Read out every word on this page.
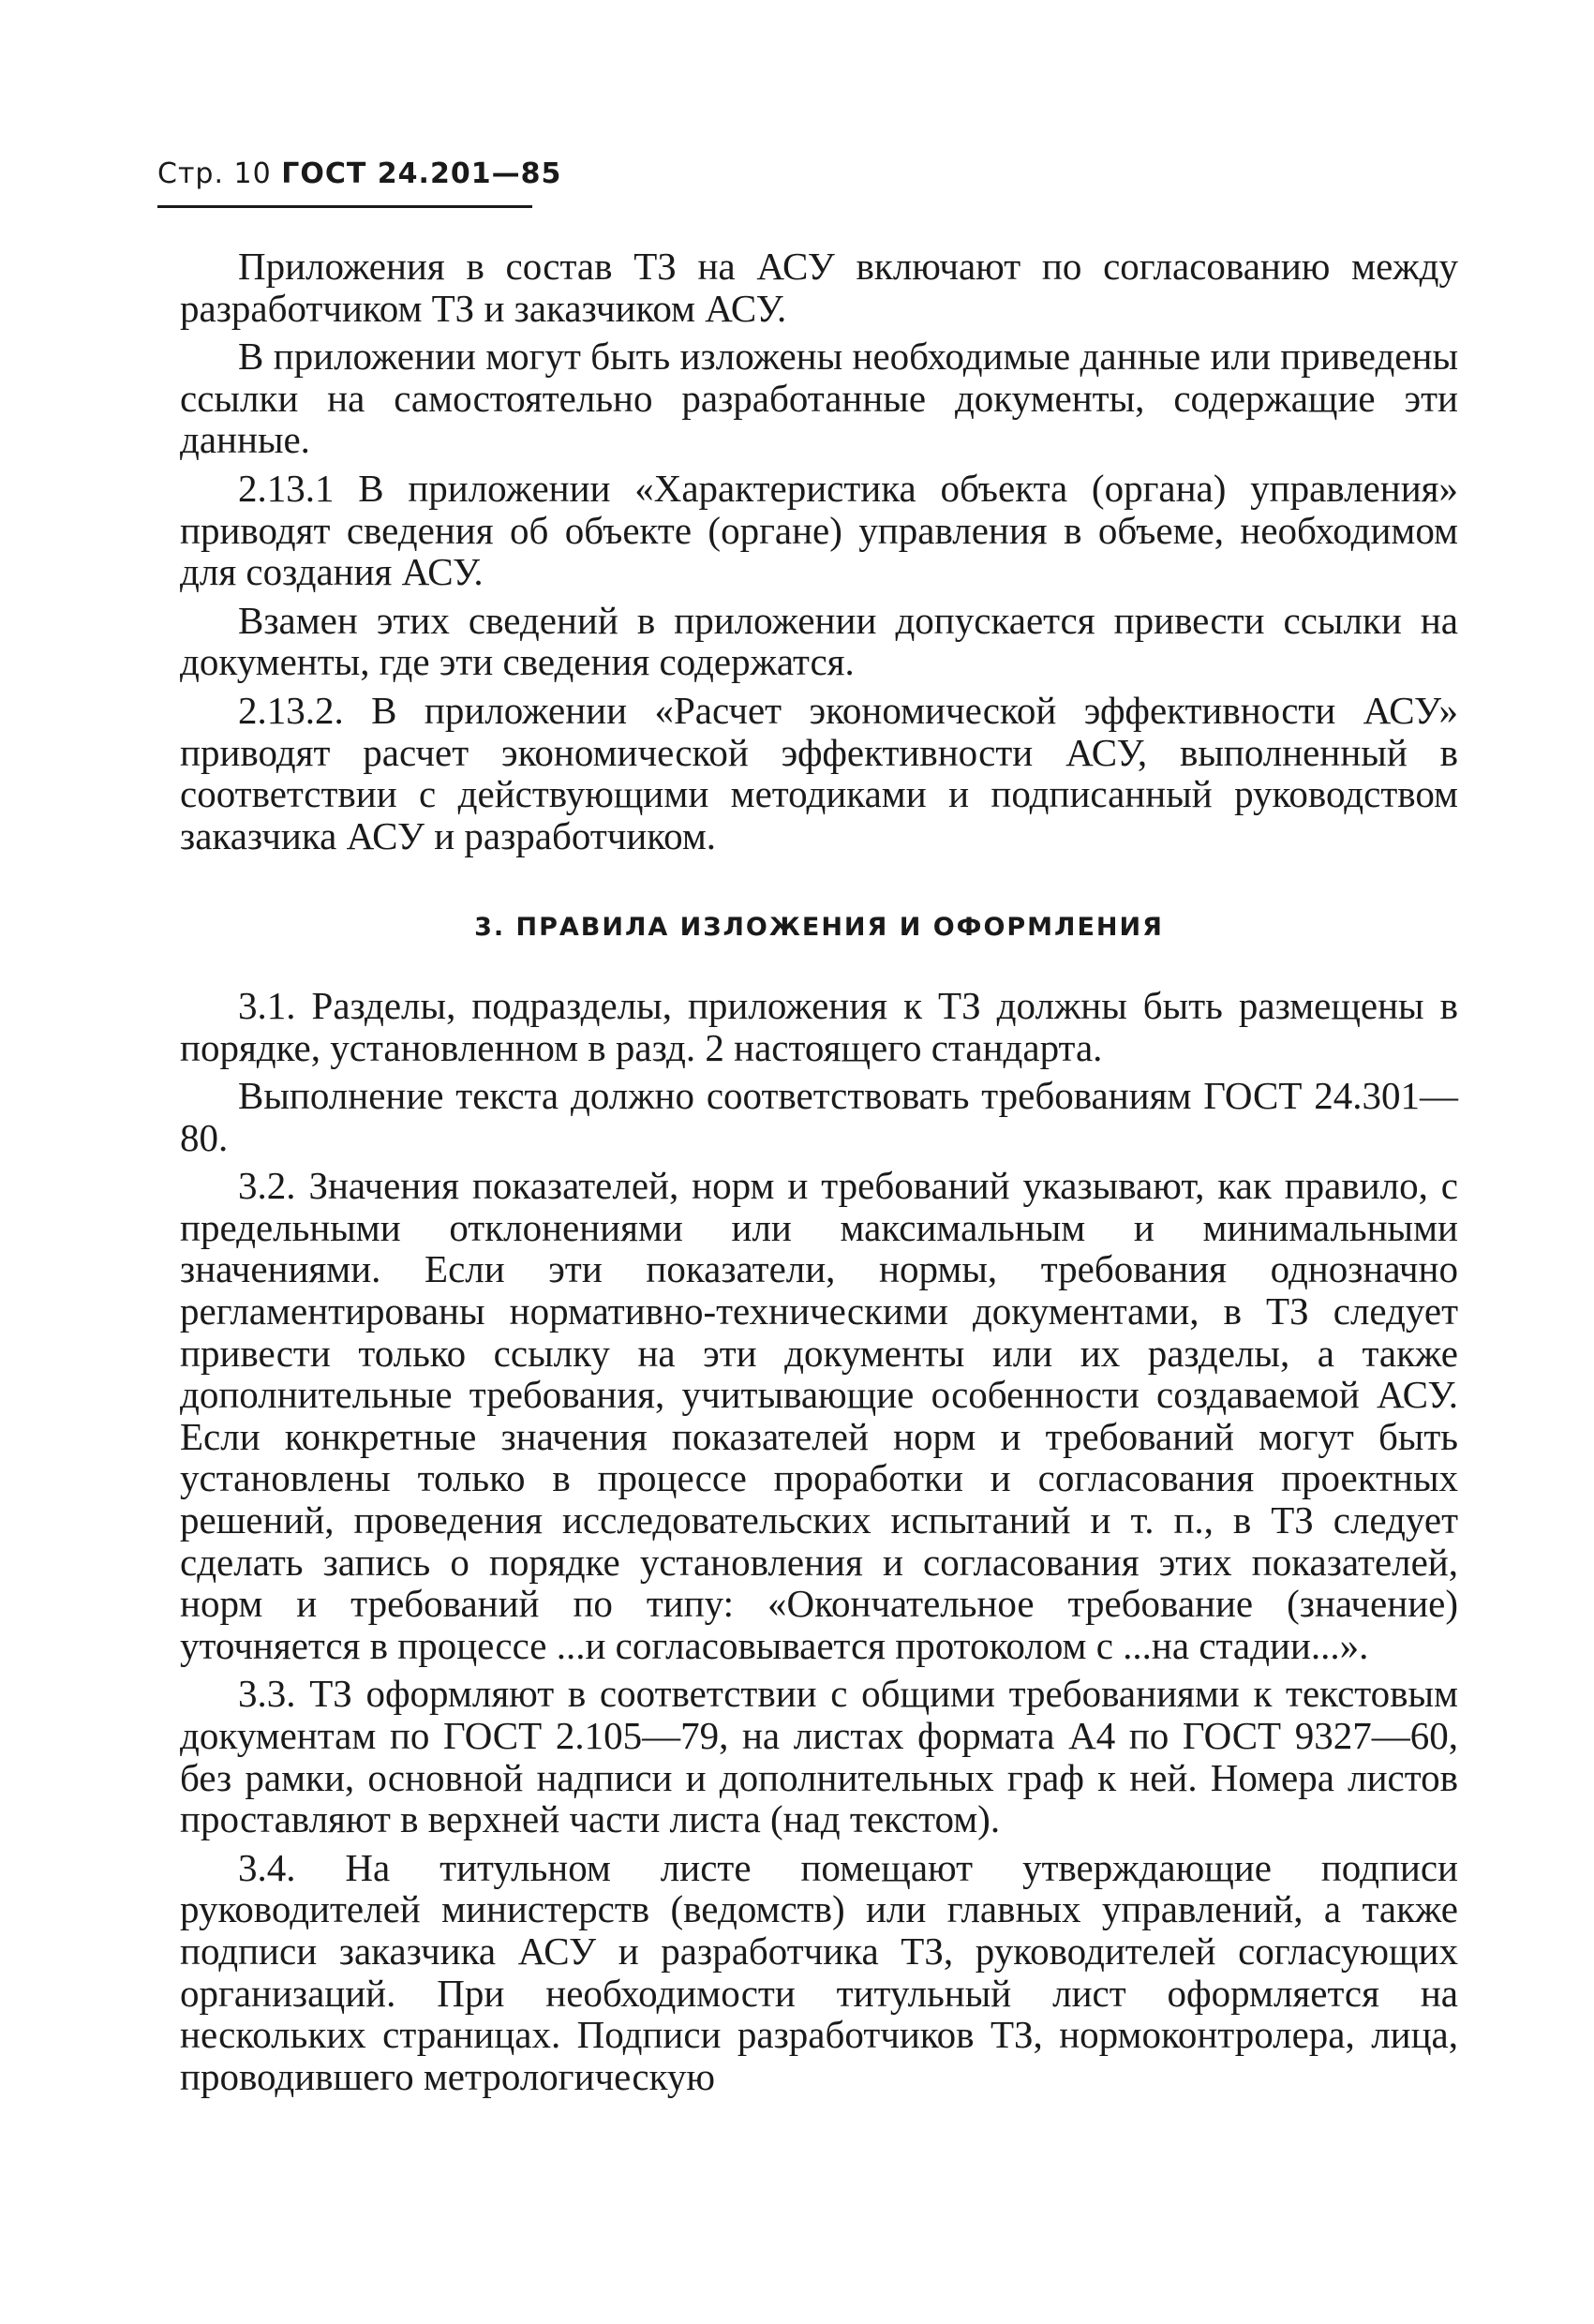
Стр. 10 ГОСТ 24.201—85

Приложения в состав ТЗ на АСУ включают по согласованию между разработчиком ТЗ и заказчиком АСУ.

В приложении могут быть изложены необходимые данные или приведены ссылки на самостоятельно разработанные документы, содержащие эти данные.

2.13.1 В приложении «Характеристика объекта (органа) управления» приводят сведения об объекте (органе) управления в объеме, необходимом для создания АСУ.

Взамен этих сведений в приложении допускается привести ссылки на документы, где эти сведения содержатся.

2.13.2. В приложении «Расчет экономической эффективности АСУ» приводят расчет экономической эффективности АСУ, выполненный в соответствии с действующими методиками и подписанный руководством заказчика АСУ и разработчиком.

3. ПРАВИЛА ИЗЛОЖЕНИЯ И ОФОРМЛЕНИЯ

3.1. Разделы, подразделы, приложения к ТЗ должны быть размещены в порядке, установленном в разд. 2 настоящего стандарта.

Выполнение текста должно соответствовать требованиям ГОСТ 24.301—80.

3.2. Значения показателей, норм и требований указывают, как правило, с предельными отклонениями или максимальным и минимальными значениями. Если эти показатели, нормы, требования однозначно регламентированы нормативно-техническими документами, в ТЗ следует привести только ссылку на эти документы или их разделы, а также дополнительные требования, учитывающие особенности создаваемой АСУ. Если конкретные значения показателей норм и требований могут быть установлены только в процессе проработки и согласования проектных решений, проведения исследовательских испытаний и т. п., в ТЗ следует сделать запись о порядке установления и согласования этих показателей, норм и требований по типу: «Окончательное требование (значение) уточняется в процессе ...и согласовывается протоколом с ...на стадии...».

3.3. ТЗ оформляют в соответствии с общими требованиями к текстовым документам по ГОСТ 2.105—79, на листах формата А4 по ГОСТ 9327—60, без рамки, основной надписи и дополнительных граф к ней. Номера листов проставляют в верхней части листа (над текстом).

3.4. На титульном листе помещают утверждающие подписи руководителей министерств (ведомств) или главных управлений, а также подписи заказчика АСУ и разработчика ТЗ, руководителей согласующих организаций. При необходимости титульный лист оформляется на нескольких страницах. Подписи разработчиков ТЗ, нормоконтролера, лица, проводившего метрологическую
